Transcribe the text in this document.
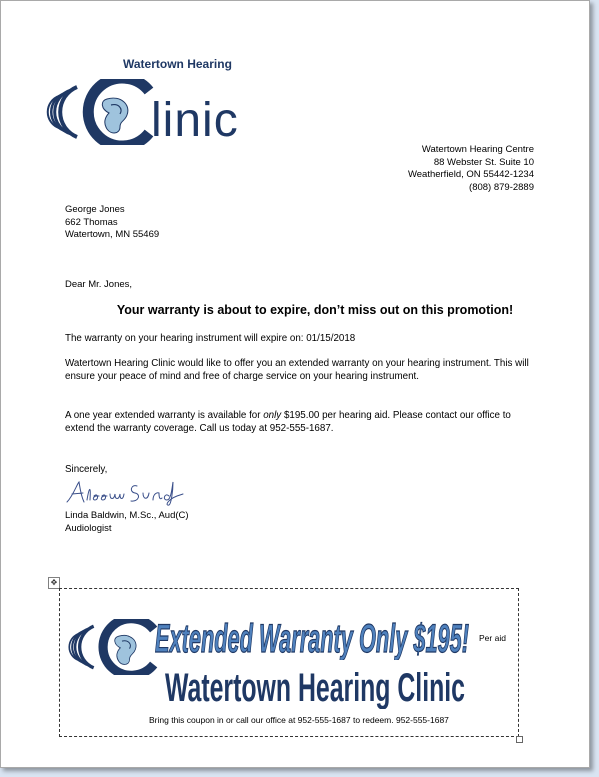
Watertown Hearing
linic
Watertown Hearing Centre
88 Webster St. Suite 10
Weatherfield, ON 55442-1234
(808) 879-2889
George Jones
662 Thomas
Watertown, MN 55469
Dear Mr. Jones,
Your warranty is about to expire, don’t miss out on this promotion!
The warranty on your hearing instrument will expire on: 01/15/2018
Watertown Hearing Clinic would like to offer you an extended warranty on your hearing instrument. This will ensure your peace of mind and free of charge service on your hearing instrument.
A one year extended warranty is available for only $195.00 per hearing aid. Please contact our office to extend the warranty coverage. Call us today at 952-555-1687.
Sincerely,
Linda Baldwin, M.Sc., Aud(C)
Audiologist
✥
Extended Warranty Only $195! Per aid
Watertown Hearing Clinic
Bring this coupon in or call our office at 952-555-1687 to redeem. 952-555-1687
